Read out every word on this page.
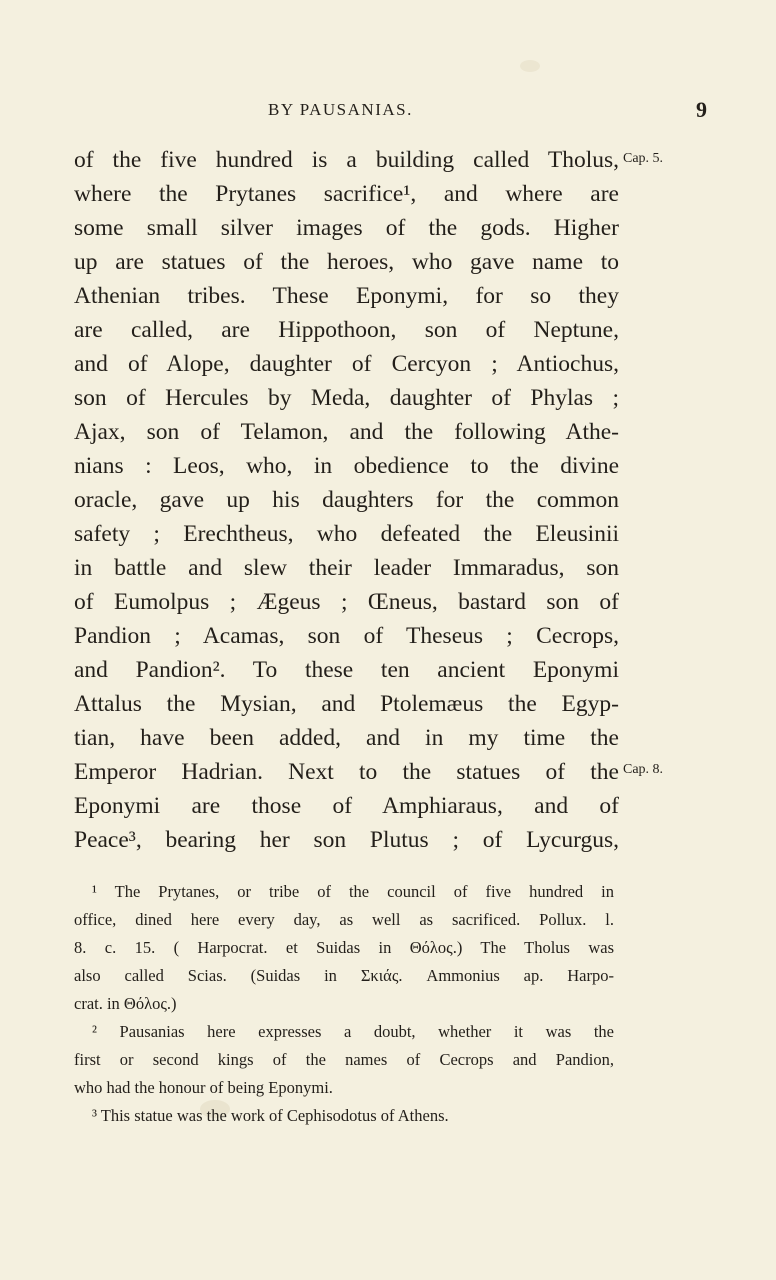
BY PAUSANIAS.	9
of the five hundred is a building called Tholus,
where the Prytanes sacrifice¹, and where are
some small silver images of the gods. Higher
up are statues of the heroes, who gave name to
Athenian tribes. These Eponymi, for so they
are called, are Hippothoon, son of Neptune,
and of Alope, daughter of Cercyon ; Antiochus,
son of Hercules by Meda, daughter of Phylas ;
Ajax, son of Telamon, and the following Athe-
nians : Leos, who, in obedience to the divine
oracle, gave up his daughters for the common
safety ; Erechtheus, who defeated the Eleusinii
in battle and slew their leader Immaradus, son
of Eumolpus ; Ægeus ; Œneus, bastard son of
Pandion ; Acamas, son of Theseus ; Cecrops,
and Pandion². To these ten ancient Eponymi
Attalus the Mysian, and Ptolemæus the Egyp-
tian, have been added, and in my time the
Emperor Hadrian. Next to the statues of the
Eponymi are those of Amphiaraus, and of
Peace³, bearing her son Plutus ; of Lycurgus,
Cap. 5.
Cap. 8.
¹ The Prytanes, or tribe of the council of five hundred in
office, dined here every day, as well as sacrificed. Pollux. l.
8. c. 15. ( Harpocrat. et Suidas in Θόλος.) The Tholus was
also called Scias. (Suidas in Σκιάς. Ammonius ap. Harpo-
crat. in Θόλος.)
² Pausanias here expresses a doubt, whether it was the
first or second kings of the names of Cecrops and Pandion,
who had the honour of being Eponymi.
³ This statue was the work of Cephisodotus of Athens.
